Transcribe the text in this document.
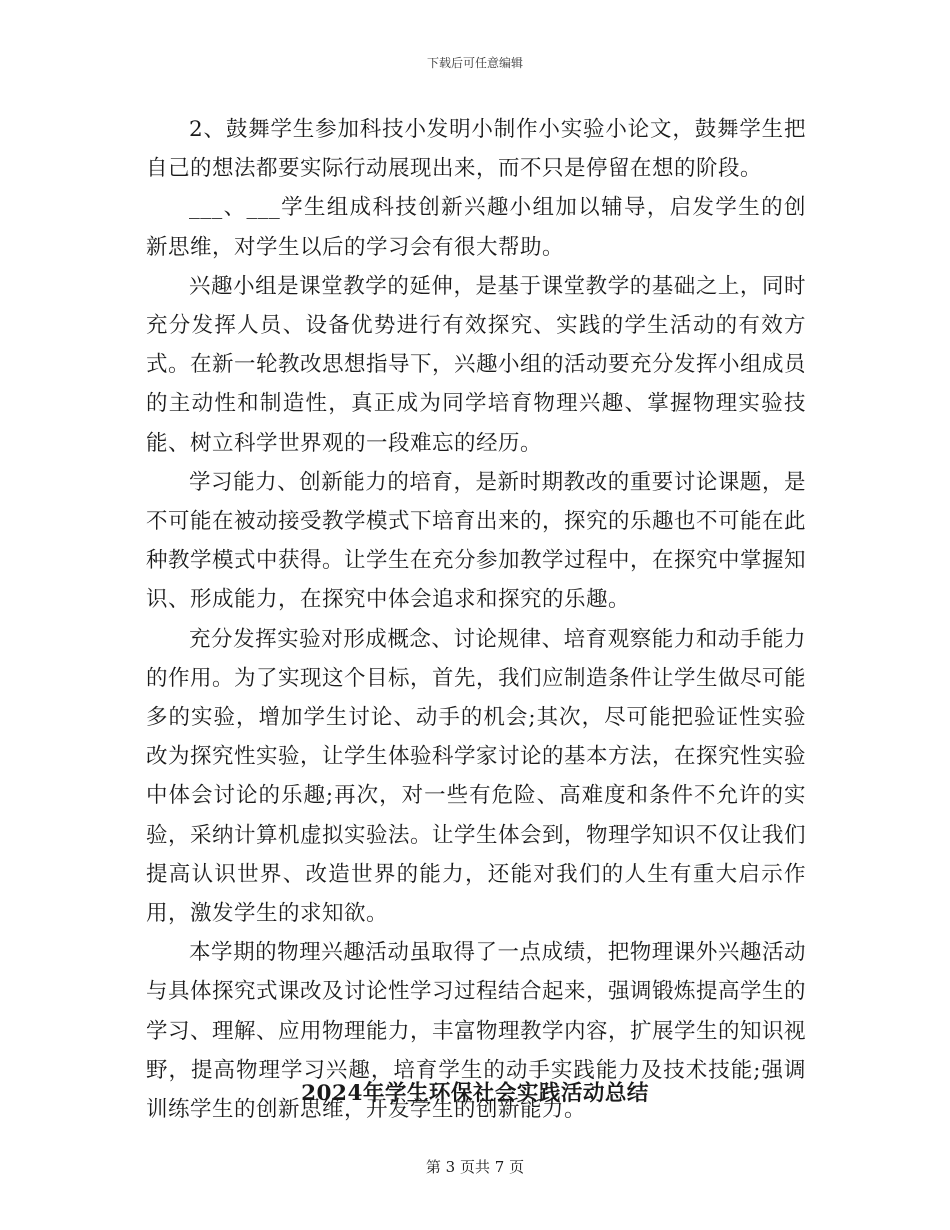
下载后可任意编辑

2、鼓舞学生参加科技小发明小制作小实验小论文，鼓舞学生把自己的想法都要实际行动展现出来，而不只是停留在想的阶段。

___、___学生组成科技创新兴趣小组加以辅导，启发学生的创新思维，对学生以后的学习会有很大帮助。

兴趣小组是课堂教学的延伸，是基于课堂教学的基础之上，同时充分发挥人员、设备优势进行有效探究、实践的学生活动的有效方式。在新一轮教改思想指导下，兴趣小组的活动要充分发挥小组成员的主动性和制造性，真正成为同学培育物理兴趣、掌握物理实验技能、树立科学世界观的一段难忘的经历。

学习能力、创新能力的培育，是新时期教改的重要讨论课题，是不可能在被动接受教学模式下培育出来的，探究的乐趣也不可能在此种教学模式中获得。让学生在充分参加教学过程中，在探究中掌握知识、形成能力，在探究中体会追求和探究的乐趣。

充分发挥实验对形成概念、讨论规律、培育观察能力和动手能力的作用。为了实现这个目标，首先，我们应制造条件让学生做尽可能多的实验，增加学生讨论、动手的机会;其次，尽可能把验证性实验改为探究性实验，让学生体验科学家讨论的基本方法，在探究性实验中体会讨论的乐趣;再次，对一些有危险、高难度和条件不允许的实验，采纳计算机虚拟实验法。让学生体会到，物理学知识不仅让我们提高认识世界、改造世界的能力，还能对我们的人生有重大启示作用，激发学生的求知欲。

本学期的物理兴趣活动虽取得了一点成绩，把物理课外兴趣活动与具体探究式课改及讨论性学习过程结合起来，强调锻炼提高学生的学习、理解、应用物理能力，丰富物理教学内容，扩展学生的知识视野，提高物理学习兴趣，培育学生的动手实践能力及技术技能;强调训练学生的创新思维，开发学生的创新能力。

2024年学生环保社会实践活动总结
第 3 页共 7 页
